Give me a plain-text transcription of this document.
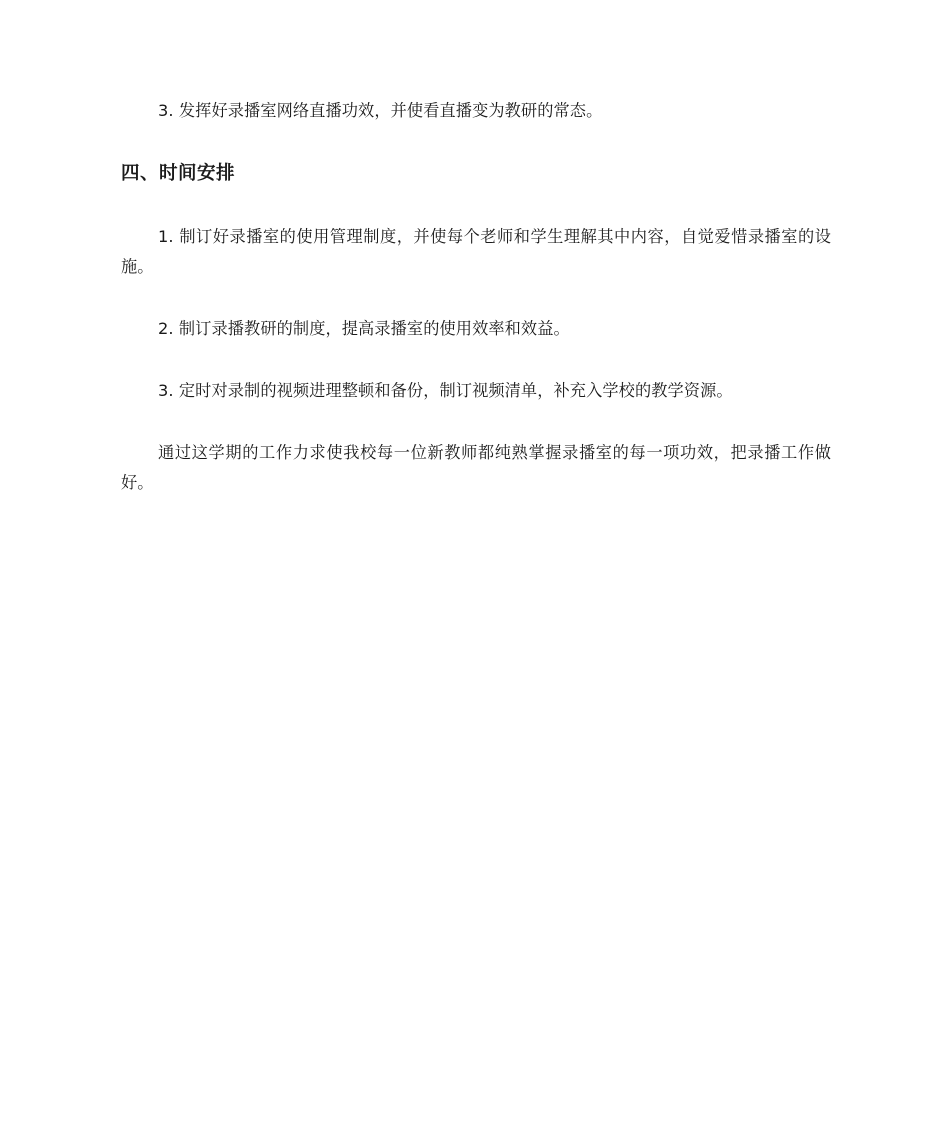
3. 发挥好录播室网络直播功效，并使看直播变为教研的常态。

四、时间安排

1. 制订好录播室的使用管理制度，并使每个老师和学生理解其中内容，自觉爱惜录播室的设施。

2. 制订录播教研的制度，提高录播室的使用效率和效益。

3. 定时对录制的视频进理整顿和备份，制订视频清单，补充入学校的教学资源。

通过这学期的工作力求使我校每一位新教师都纯熟掌握录播室的每一项功效，把录播工作做好。
